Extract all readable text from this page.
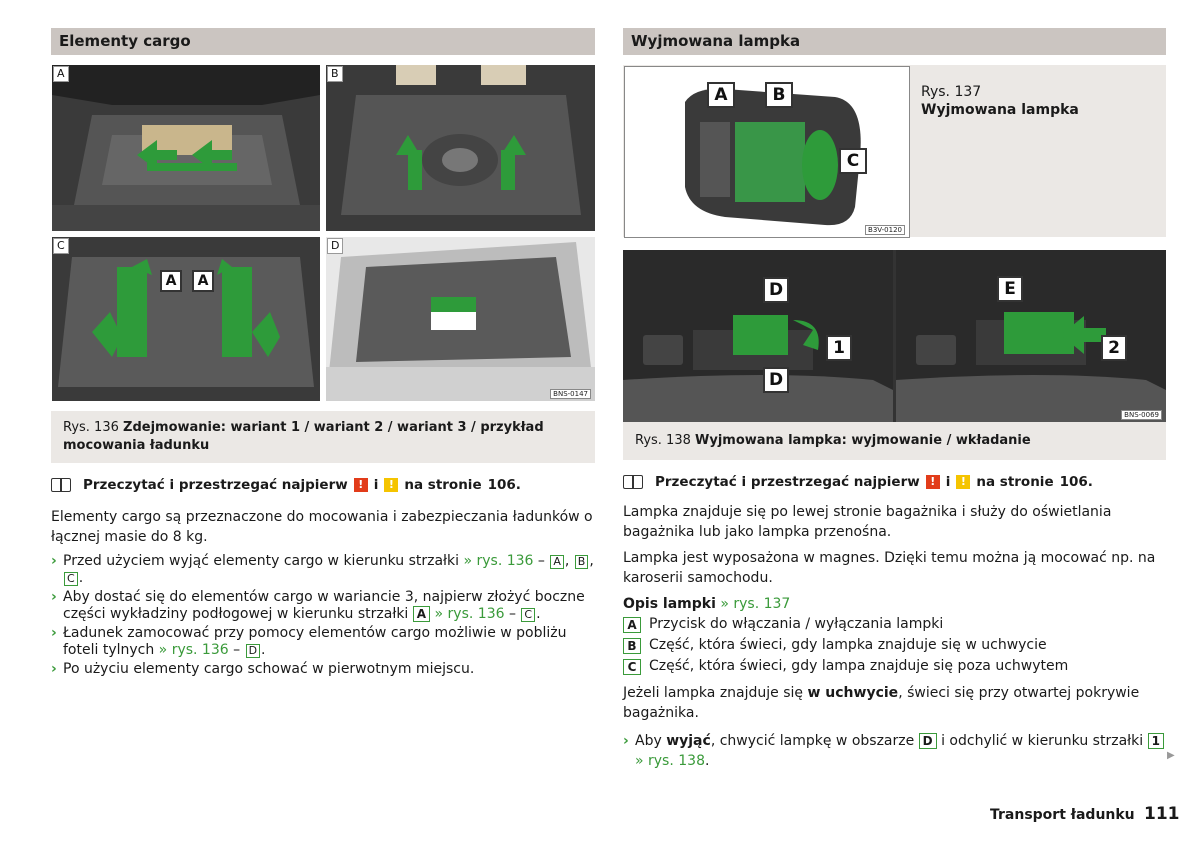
Elementy cargo
A	B
C
A	A
D
BNS-0147
Rys. 136 Zdejmowanie: wariant 1 / wariant 2 / wariant 3 / przykład mocowania ładunku
Przeczytać i przestrzegać najpierw ! i ! na stronie 106.

Elementy cargo są przeznaczone do mocowania i zabezpieczania ładunków o łącznej masie do 8 kg.

› Przed użyciem wyjąć elementy cargo w kierunku strzałki » rys. 136 – A , B , C .

› Aby dostać się do elementów cargo w wariancie 3, najpierw złożyć boczne części wykładziny podłogowej w kierunku strzałki A » rys. 136 – C .

› Ładunek zamocować przy pomocy elementów cargo możliwie w pobliżu foteli tylnych » rys. 136 – D .

› Po użyciu elementy cargo schować w pierwotnym miejscu.

Wyjmowana lampka
A	B
C
B3V-0120
Rys. 137
Wyjmowana lampka
D
1
D
E
2
BNS-0069
Rys. 138 Wyjmowana lampka: wyjmowanie / wkładanie
Przeczytać i przestrzegać najpierw ! i ! na stronie 106.

Lampka znajduje się po lewej stronie bagażnika i służy do oświetlania bagażnika lub jako lampka przenośna.

Lampka jest wyposażona w magnes. Dzięki temu można ją mocować np. na karoserii samochodu.

Opis lampki » rys. 137
A Przycisk do włączania / wyłączania lampki
B Część, która świeci, gdy lampka znajduje się w uchwycie
C Część, która świeci, gdy lampa znajduje się poza uchwytem

Jeżeli lampka znajduje się w uchwycie, świeci się przy otwartej pokrywie bagażnika.

› Aby wyjąć, chwycić lampkę w obszarze D i odchylić w kierunku strzałki 1 » rys. 138.	▶
Transport ładunku 111
